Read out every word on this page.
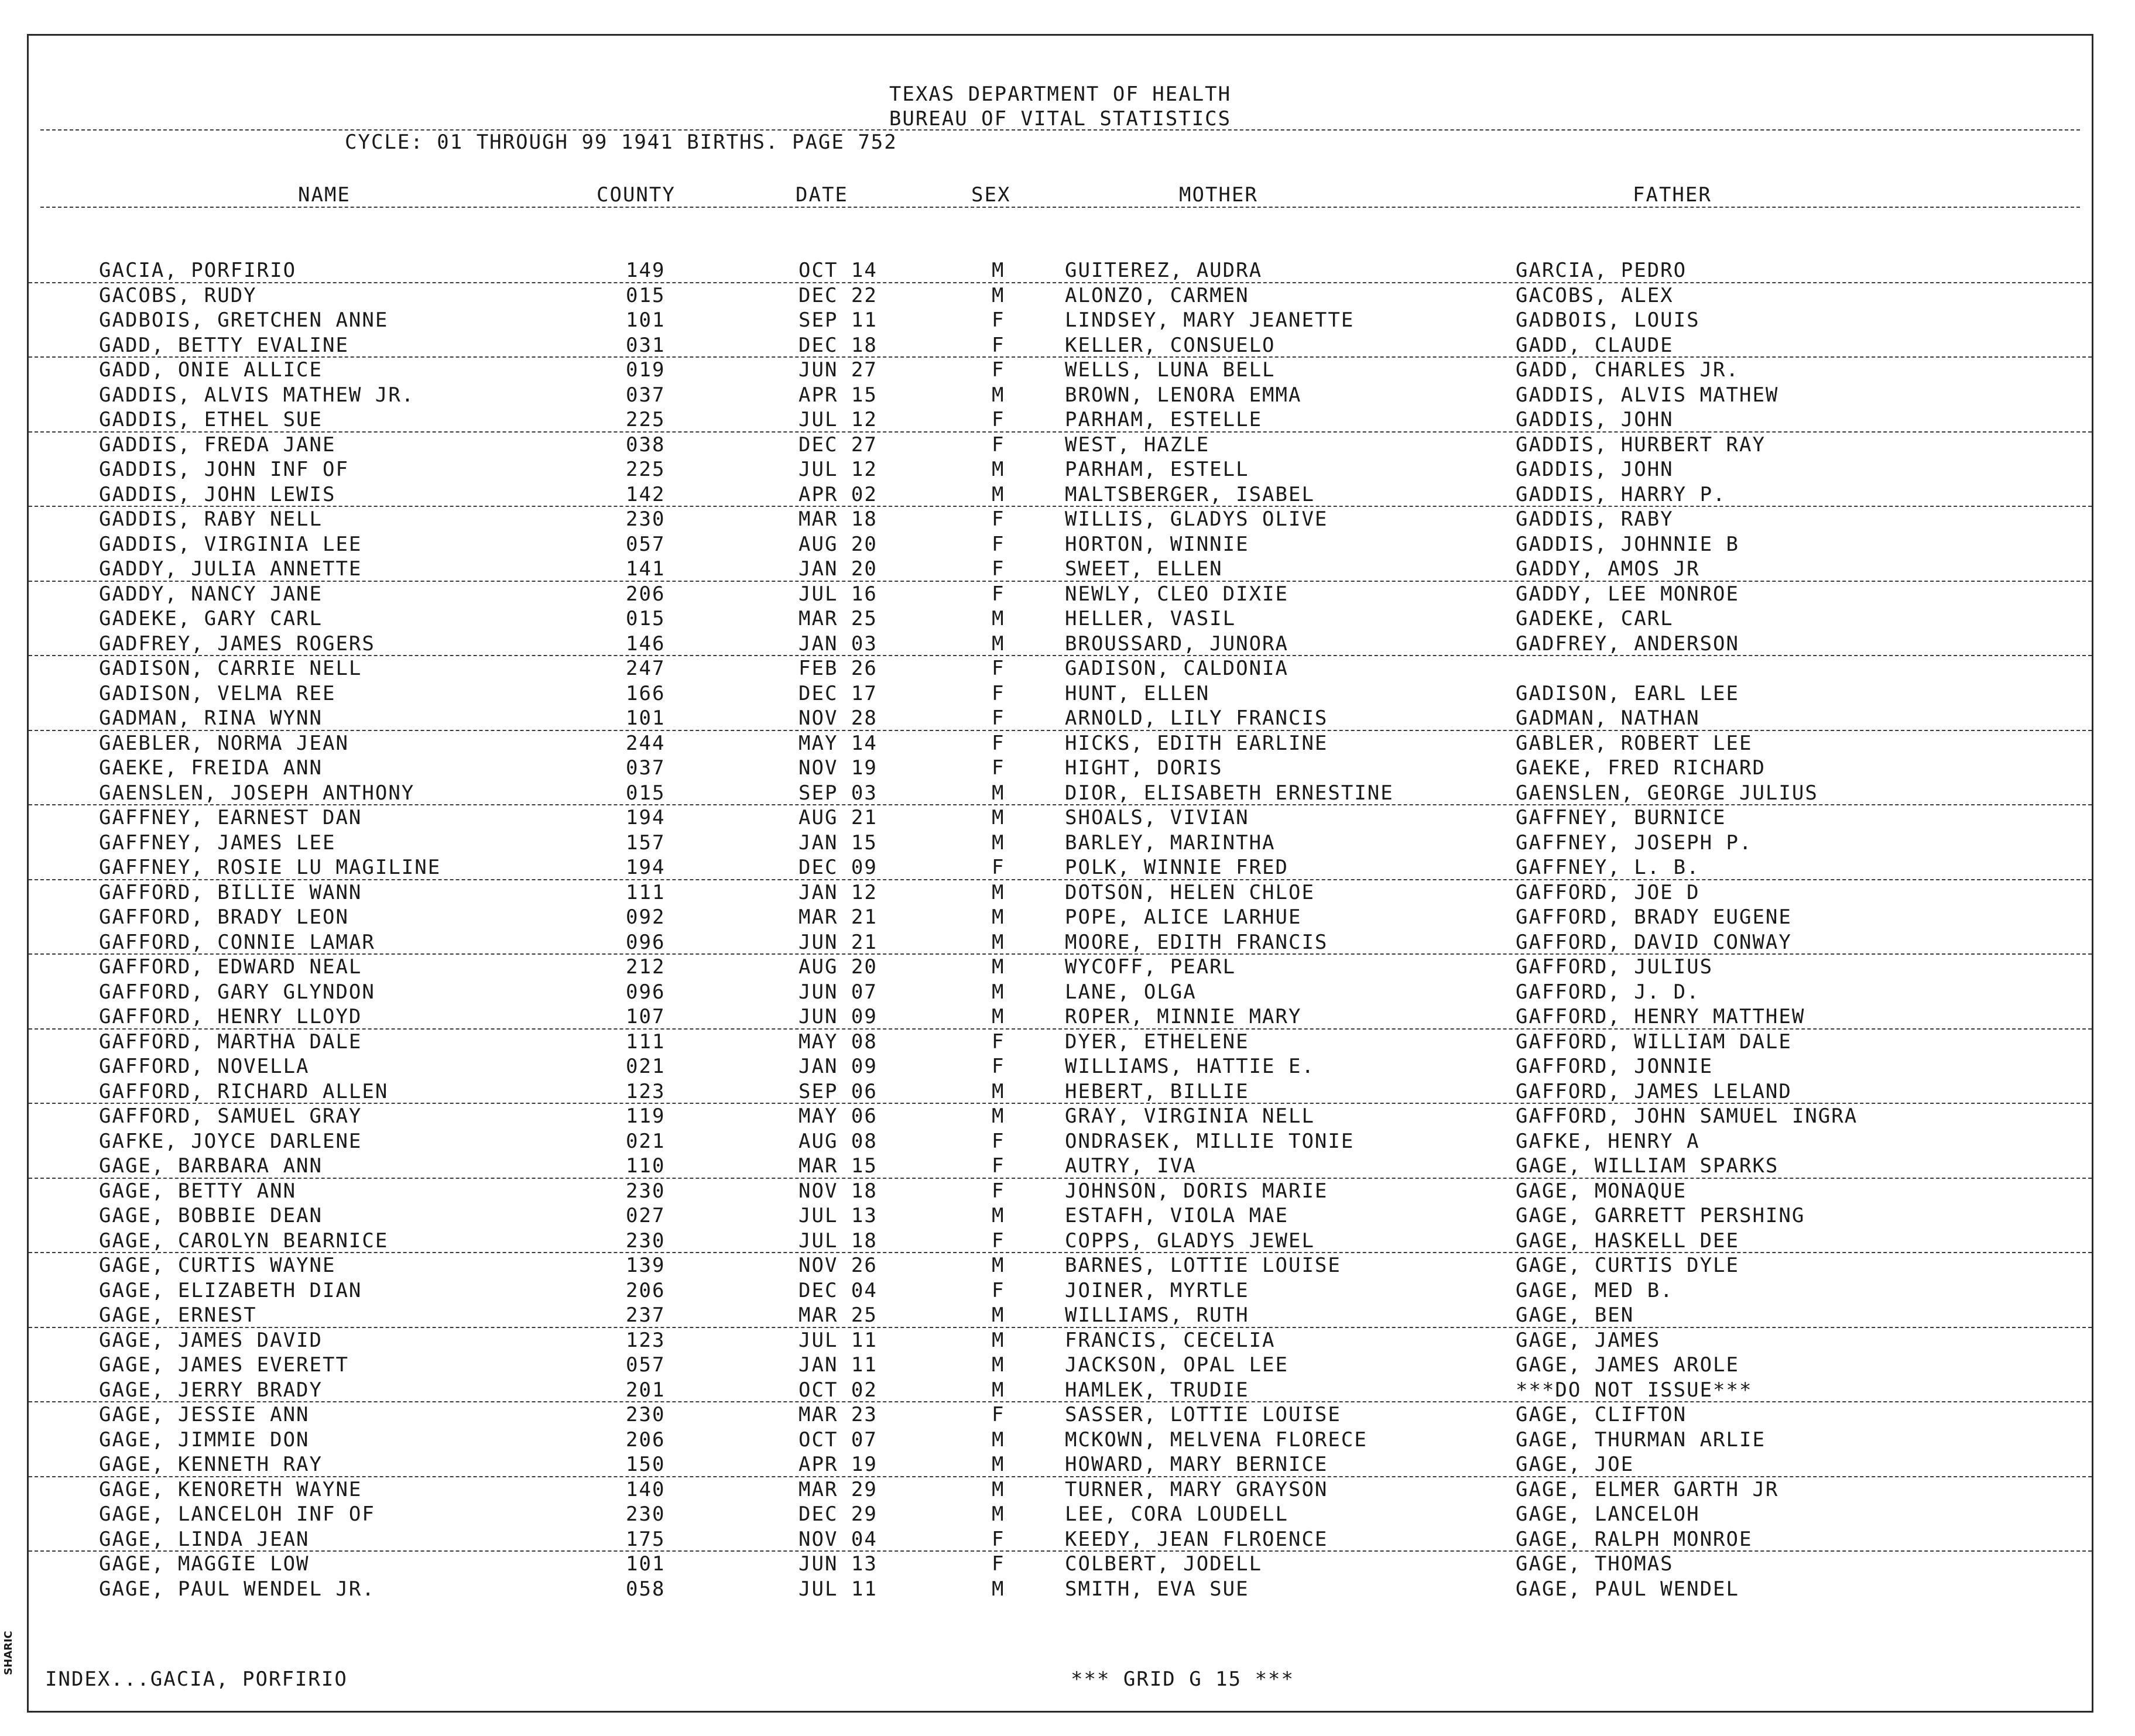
TEXAS DEPARTMENT OF HEALTH
BUREAU OF VITAL STATISTICS
CYCLE: 01 THROUGH 99 1941 BIRTHS. PAGE 752
NAME	COUNTY	DATE	SEX	MOTHER	FATHER
GACIA, PORFIRIO	149	OCT 14	M	GUITEREZ, AUDRA	GARCIA, PEDRO
GACOBS, RUDY	015	DEC 22	M	ALONZO, CARMEN	GACOBS, ALEX
GADBOIS, GRETCHEN ANNE	101	SEP 11	F	LINDSEY, MARY JEANETTE	GADBOIS, LOUIS
GADD, BETTY EVALINE	031	DEC 18	F	KELLER, CONSUELO	GADD, CLAUDE
GADD, ONIE ALLICE	019	JUN 27	F	WELLS, LUNA BELL	GADD, CHARLES JR.
GADDIS, ALVIS MATHEW JR.	037	APR 15	M	BROWN, LENORA EMMA	GADDIS, ALVIS MATHEW
GADDIS, ETHEL SUE	225	JUL 12	F	PARHAM, ESTELLE	GADDIS, JOHN
GADDIS, FREDA JANE	038	DEC 27	F	WEST, HAZLE	GADDIS, HURBERT RAY
GADDIS, JOHN INF OF	225	JUL 12	M	PARHAM, ESTELL	GADDIS, JOHN
GADDIS, JOHN LEWIS	142	APR 02	M	MALTSBERGER, ISABEL	GADDIS, HARRY P.
GADDIS, RABY NELL	230	MAR 18	F	WILLIS, GLADYS OLIVE	GADDIS, RABY
GADDIS, VIRGINIA LEE	057	AUG 20	F	HORTON, WINNIE	GADDIS, JOHNNIE B
GADDY, JULIA ANNETTE	141	JAN 20	F	SWEET, ELLEN	GADDY, AMOS JR
GADDY, NANCY JANE	206	JUL 16	F	NEWLY, CLEO DIXIE	GADDY, LEE MONROE
GADEKE, GARY CARL	015	MAR 25	M	HELLER, VASIL	GADEKE, CARL
GADFREY, JAMES ROGERS	146	JAN 03	M	BROUSSARD, JUNORA	GADFREY, ANDERSON
GADISON, CARRIE NELL	247	FEB 26	F	GADISON, CALDONIA
GADISON, VELMA REE	166	DEC 17	F	HUNT, ELLEN	GADISON, EARL LEE
GADMAN, RINA WYNN	101	NOV 28	F	ARNOLD, LILY FRANCIS	GADMAN, NATHAN
GAEBLER, NORMA JEAN	244	MAY 14	F	HICKS, EDITH EARLINE	GABLER, ROBERT LEE
GAEKE, FREIDA ANN	037	NOV 19	F	HIGHT, DORIS	GAEKE, FRED RICHARD
GAENSLEN, JOSEPH ANTHONY	015	SEP 03	M	DIOR, ELISABETH ERNESTINE	GAENSLEN, GEORGE JULIUS
GAFFNEY, EARNEST DAN	194	AUG 21	M	SHOALS, VIVIAN	GAFFNEY, BURNICE
GAFFNEY, JAMES LEE	157	JAN 15	M	BARLEY, MARINTHA	GAFFNEY, JOSEPH P.
GAFFNEY, ROSIE LU MAGILINE	194	DEC 09	F	POLK, WINNIE FRED	GAFFNEY, L. B.
GAFFORD, BILLIE WANN	111	JAN 12	M	DOTSON, HELEN CHLOE	GAFFORD, JOE D
GAFFORD, BRADY LEON	092	MAR 21	M	POPE, ALICE LARHUE	GAFFORD, BRADY EUGENE
GAFFORD, CONNIE LAMAR	096	JUN 21	M	MOORE, EDITH FRANCIS	GAFFORD, DAVID CONWAY
GAFFORD, EDWARD NEAL	212	AUG 20	M	WYCOFF, PEARL	GAFFORD, JULIUS
GAFFORD, GARY GLYNDON	096	JUN 07	M	LANE, OLGA	GAFFORD, J. D.
GAFFORD, HENRY LLOYD	107	JUN 09	M	ROPER, MINNIE MARY	GAFFORD, HENRY MATTHEW
GAFFORD, MARTHA DALE	111	MAY 08	F	DYER, ETHELENE	GAFFORD, WILLIAM DALE
GAFFORD, NOVELLA	021	JAN 09	F	WILLIAMS, HATTIE E.	GAFFORD, JONNIE
GAFFORD, RICHARD ALLEN	123	SEP 06	M	HEBERT, BILLIE	GAFFORD, JAMES LELAND
GAFFORD, SAMUEL GRAY	119	MAY 06	M	GRAY, VIRGINIA NELL	GAFFORD, JOHN SAMUEL INGRA
GAFKE, JOYCE DARLENE	021	AUG 08	F	ONDRASEK, MILLIE TONIE	GAFKE, HENRY A
GAGE, BARBARA ANN	110	MAR 15	F	AUTRY, IVA	GAGE, WILLIAM SPARKS
GAGE, BETTY ANN	230	NOV 18	F	JOHNSON, DORIS MARIE	GAGE, MONAQUE
GAGE, BOBBIE DEAN	027	JUL 13	M	ESTAFH, VIOLA MAE	GAGE, GARRETT PERSHING
GAGE, CAROLYN BEARNICE	230	JUL 18	F	COPPS, GLADYS JEWEL	GAGE, HASKELL DEE
GAGE, CURTIS WAYNE	139	NOV 26	M	BARNES, LOTTIE LOUISE	GAGE, CURTIS DYLE
GAGE, ELIZABETH DIAN	206	DEC 04	F	JOINER, MYRTLE	GAGE, MED B.
GAGE, ERNEST	237	MAR 25	M	WILLIAMS, RUTH	GAGE, BEN
GAGE, JAMES DAVID	123	JUL 11	M	FRANCIS, CECELIA	GAGE, JAMES
GAGE, JAMES EVERETT	057	JAN 11	M	JACKSON, OPAL LEE	GAGE, JAMES AROLE
GAGE, JERRY BRADY	201	OCT 02	M	HAMLEK, TRUDIE	***DO NOT ISSUE***
GAGE, JESSIE ANN	230	MAR 23	F	SASSER, LOTTIE LOUISE	GAGE, CLIFTON
GAGE, JIMMIE DON	206	OCT 07	M	MCKOWN, MELVENA FLORECE	GAGE, THURMAN ARLIE
GAGE, KENNETH RAY	150	APR 19	M	HOWARD, MARY BERNICE	GAGE, JOE
GAGE, KENORETH WAYNE	140	MAR 29	M	TURNER, MARY GRAYSON	GAGE, ELMER GARTH JR
GAGE, LANCELOH INF OF	230	DEC 29	M	LEE, CORA LOUDELL	GAGE, LANCELOH
GAGE, LINDA JEAN	175	NOV 04	F	KEEDY, JEAN FLROENCE	GAGE, RALPH MONROE
GAGE, MAGGIE LOW	101	JUN 13	F	COLBERT, JODELL	GAGE, THOMAS
GAGE, PAUL WENDEL JR.	058	JUL 11	M	SMITH, EVA SUE	GAGE, PAUL WENDEL
INDEX...GACIA, PORFIRIO	*** GRID G 15 ***
SHARIC
